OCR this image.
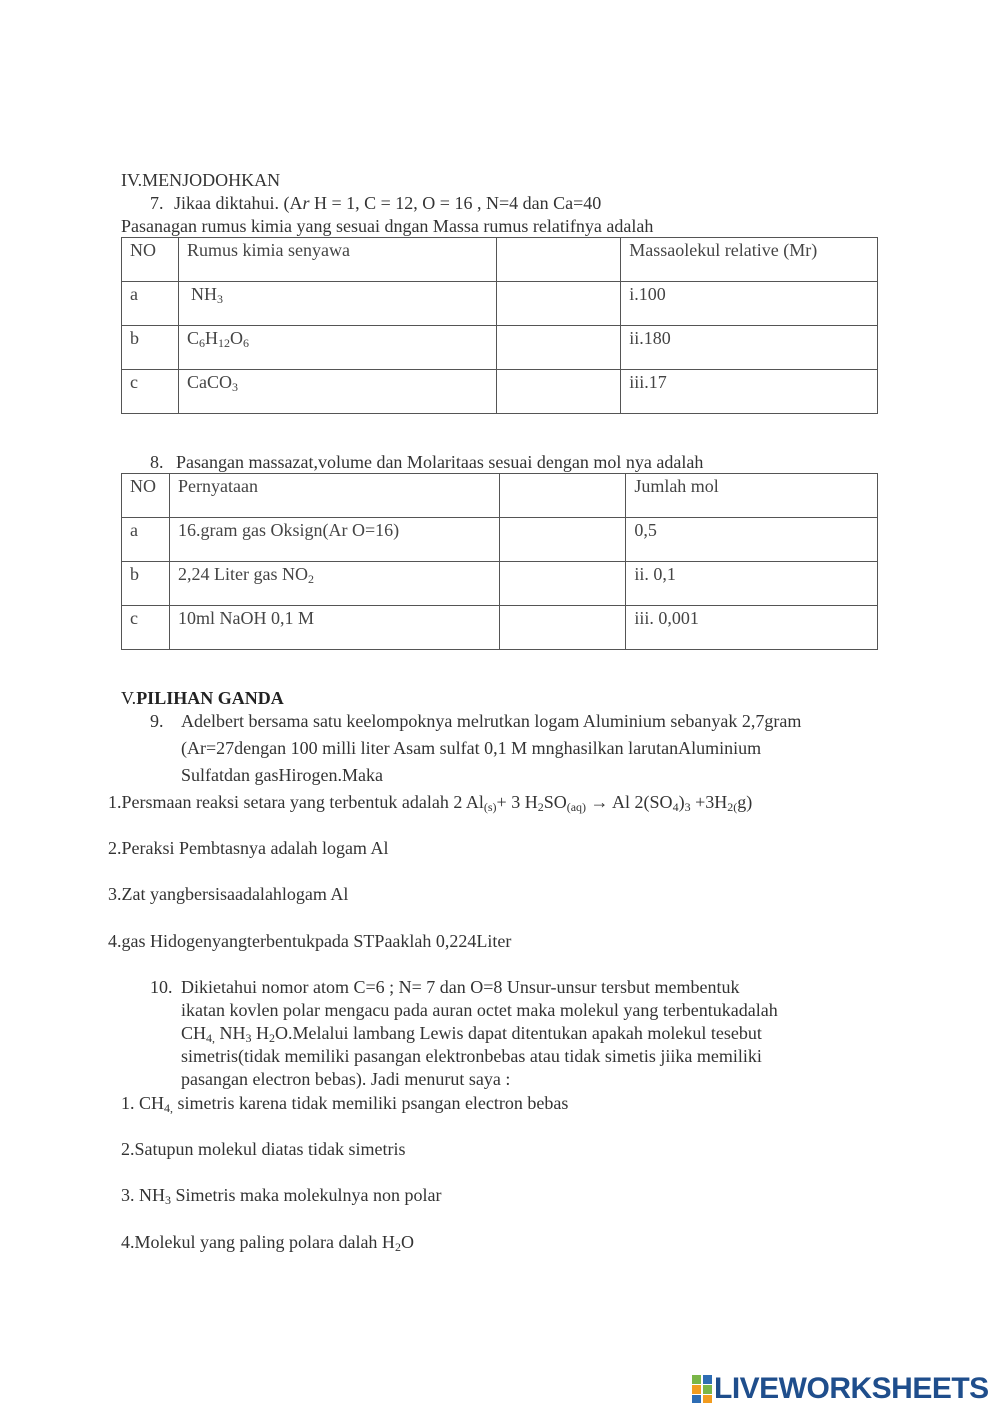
IV.MENJODOHKAN
7. Jikaa diktahui. (Ar H = 1, C = 12, O = 16 , N=4 dan Ca=40
Pasanagan rumus kimia yang sesuai dngan Massa rumus relatifnya adalah
NO	Rumus kimia senyawa		Massaolekul relative (Mr)
a	$NH_3$		i.100
b	$C_6H_{12}O_6$		ii.180
c	CaCO$_3$		iii.17
8. Pasangan massazat,volume dan Molaritaas sesuai dengan mol nya adalah
NO	Pernyataan		Jumlah mol
a	16.gram gas Oksign(Ar O=16)		0,5
b	2,24 Liter gas $NO_2$		ii. 0,1
c	10ml NaOH 0,1 M		iii. 0,001
V.PILIHAN GANDA
9. Adelbert bersama satu keelompoknya melrutkan logam Aluminium sebanyak 2,7gram
(Ar=27dengan 100 milli liter Asam sulfat 0,1 M mnghasilkan larutanAluminium
Sulfatdan gasHirogen.Maka
1.Persmaan reaksi setara yang terbentuk adalah 2 $Al_{(s)}+ 3$ $H_2SO_{(aq)} \to Al$ $2(SO_4)_3 +3H_{2(}g$)
2.Peraksi Pembtasnya adalah logam Al
3.Zat yangbersisaadalahlogam Al
4.gas Hidogenyangterbentukpada STPaaklah 0,224Liter
10. Dikietahui nomor atom C=6 ; N= 7 dan O=8 Unsur-unsur tersbut membentuk
ikatan kovlen polar mengacu pada auran octet maka molekul yang terbentukadalah
$CH_{4,}$ $NH_3$ $H_2O.Melalui$ lambang Lewis dapat ditentukan apakah molekul tesebut
simetris(tidak memiliki pasangan elektronbebas atau tidak simetis jiika memiliki
pasangan electron bebas). Jadi menurut saya :
1. $CH_{4,}$ simetris karena tidak memiliki psangan electron bebas
2.Satupun molekul diatas tidak simetris
3. $NH_3$ Simetris maka molekulnya non polar
4.Molekul yang paling polara dalah $H_2O$
LIVEWORKSHEETS
